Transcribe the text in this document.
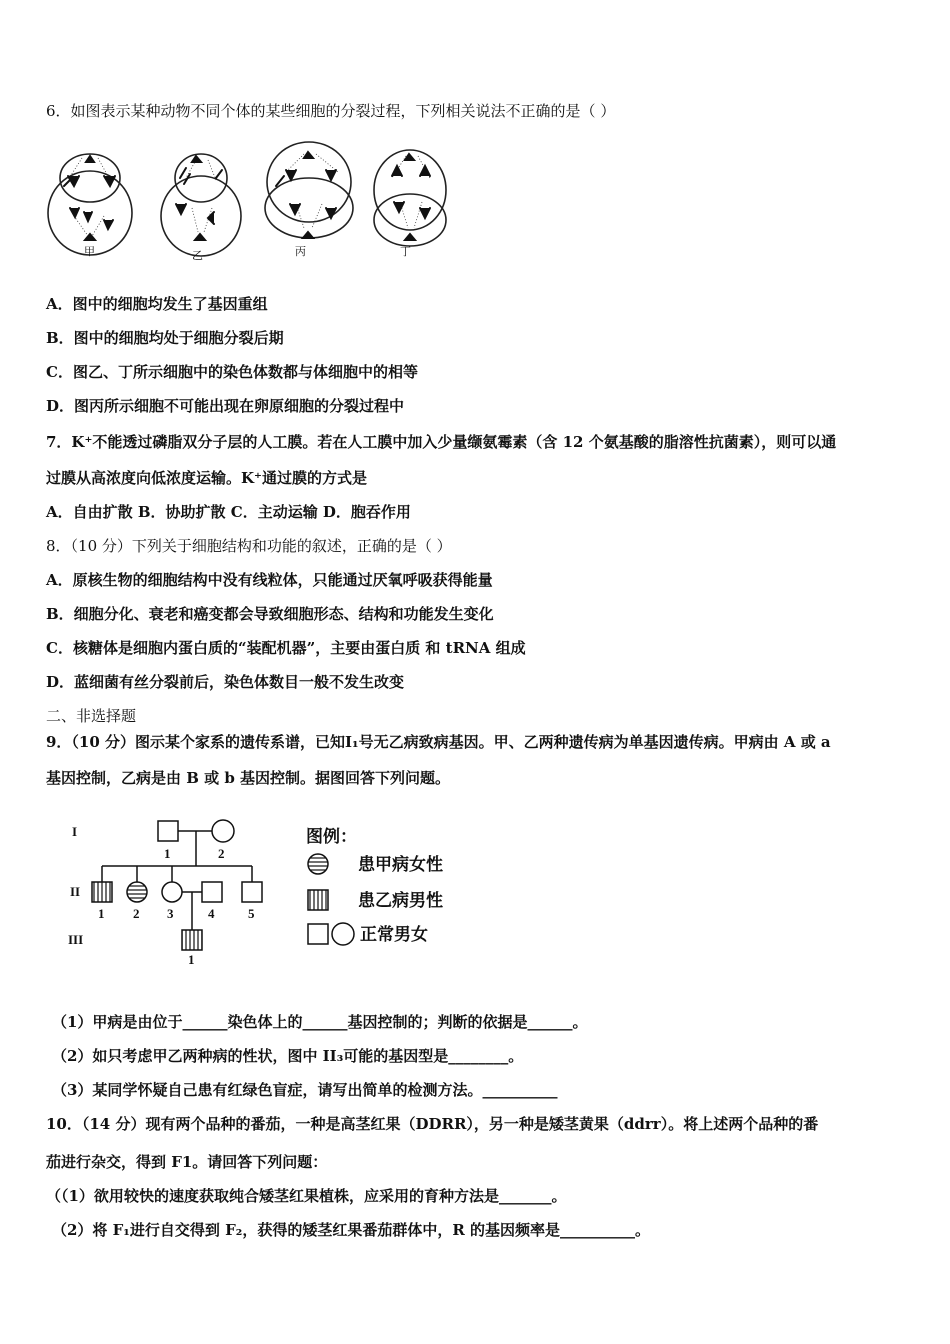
6．如图表示某种动物不同个体的某些细胞的分裂过程，下列相关说法不正确的是（ ）
甲	乙	丙	丁
A．图中的细胞均发生了基因重组
B．图中的细胞均处于细胞分裂后期
C．图乙、丁所示细胞中的染色体数都与体细胞中的相等
D．图丙所示细胞不可能出现在卵原细胞的分裂过程中
7．K⁺不能透过磷脂双分子层的人工膜。若在人工膜中加入少量缬氨霉素（含 12 个氨基酸的脂溶性抗菌素），则可以通
过膜从高浓度向低浓度运输。K⁺通过膜的方式是
A．自由扩散 B．协助扩散 C．主动运输 D．胞吞作用
8．（10 分）下列关于细胞结构和功能的叙述，正确的是（ ）
A．原核生物的细胞结构中没有线粒体，只能通过厌氧呼吸获得能量
B．细胞分化、衰老和癌变都会导致细胞形态、结构和功能发生变化
C．核糖体是细胞内蛋白质的“装配机器”，主要由蛋白质 和 tRNA 组成
D．蓝细菌有丝分裂前后，染色体数目一般不发生改变
二、非选择题
9．（10 分）图示某个家系的遗传系谱，已知Ⅰ₁号无乙病致病基因。甲、乙两种遗传病为单基因遗传病。甲病由 A 或 a
基因控制，乙病是由 B 或 b 基因控制。据图回答下列问题。
I
II
III
1	2
1 2 3	4	5
1
图例：
患甲病女性
患乙病男性
正常男女
（1）甲病是由位于______染色体上的______基因控制的；判断的依据是______。
（2）如只考虑甲乙两种病的性状，图中 II₃可能的基因型是________。
（3）某同学怀疑自己患有红绿色盲症，请写出简单的检测方法。__________
10．（14 分）现有两个品种的番茄，一种是高茎红果（DDRR），另一种是矮茎黄果（ddrr）。将上述两个品种的番
茄进行杂交，得到 F1。请回答下列问题：
（（1）欲用较快的速度获取纯合矮茎红果植株，应采用的育种方法是_______。
（2）将 F₁进行自交得到 F₂，获得的矮茎红果番茄群体中，R 的基因频率是__________。
